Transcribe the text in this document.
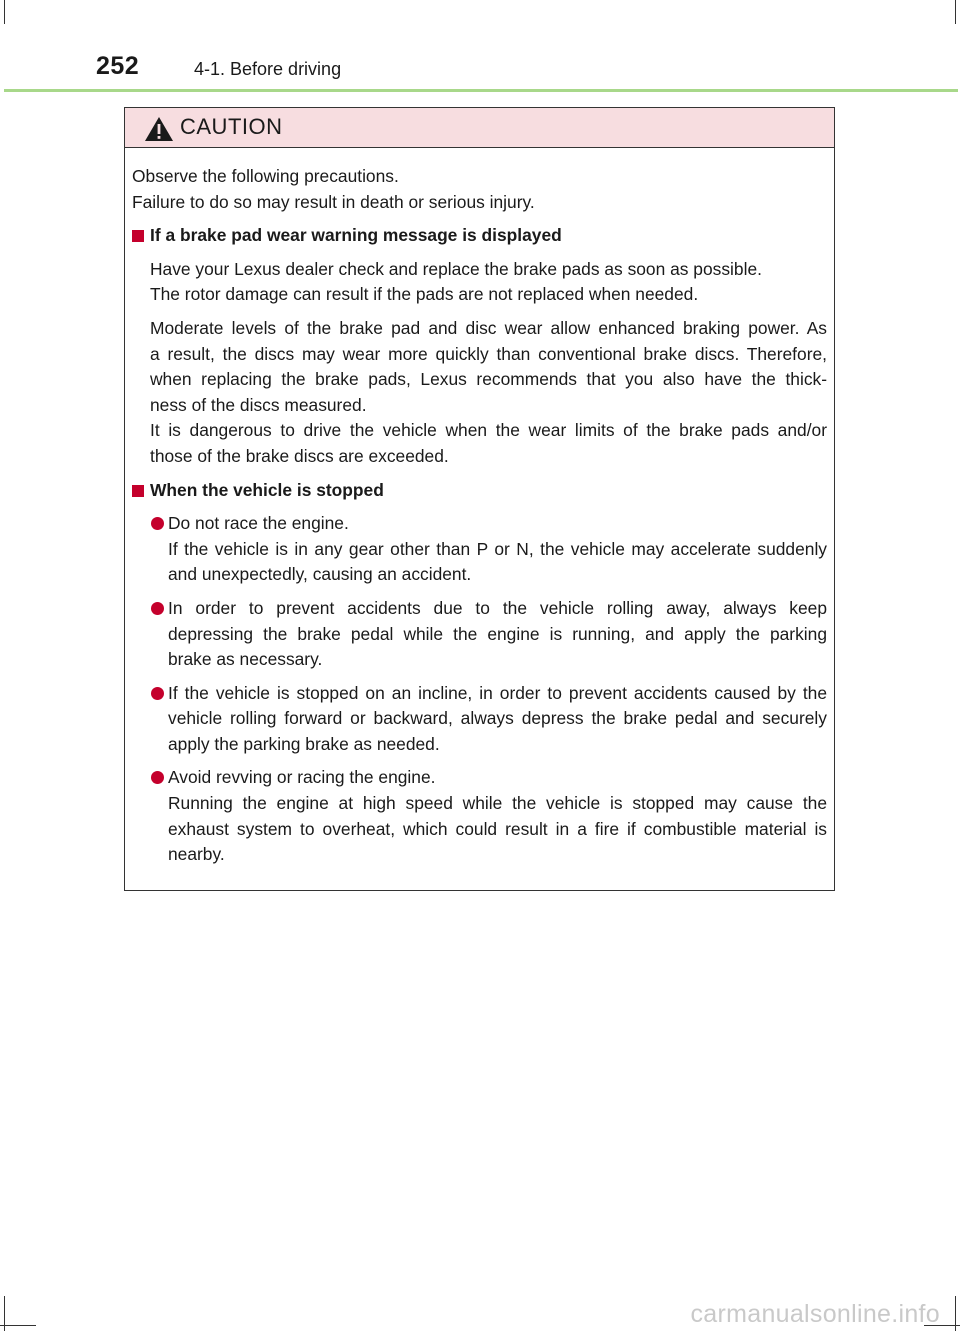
252	4-1. Before driving
CAUTION
Observe the following precautions.
Failure to do so may result in death or serious injury.
If a brake pad wear warning message is displayed
Have your Lexus dealer check and replace the brake pads as soon as possible.
The rotor damage can result if the pads are not replaced when needed.
Moderate levels of the brake pad and disc wear allow enhanced braking power. As
a result, the discs may wear more quickly than conventional brake discs. Therefore,
when replacing the brake pads, Lexus recommends that you also have the thick-
ness of the discs measured.
It is dangerous to drive the vehicle when the wear limits of the brake pads and/or
those of the brake discs are exceeded.
When the vehicle is stopped
Do not race the engine.
If the vehicle is in any gear other than P or N, the vehicle may accelerate suddenly
and unexpectedly, causing an accident.
In order to prevent accidents due to the vehicle rolling away, always keep
depressing the brake pedal while the engine is running, and apply the parking
brake as necessary.
If the vehicle is stopped on an incline, in order to prevent accidents caused by the
vehicle rolling forward or backward, always depress the brake pedal and securely
apply the parking brake as needed.
Avoid revving or racing the engine.
Running the engine at high speed while the vehicle is stopped may cause the
exhaust system to overheat, which could result in a fire if combustible material is
nearby.
carmanualsonline.info
